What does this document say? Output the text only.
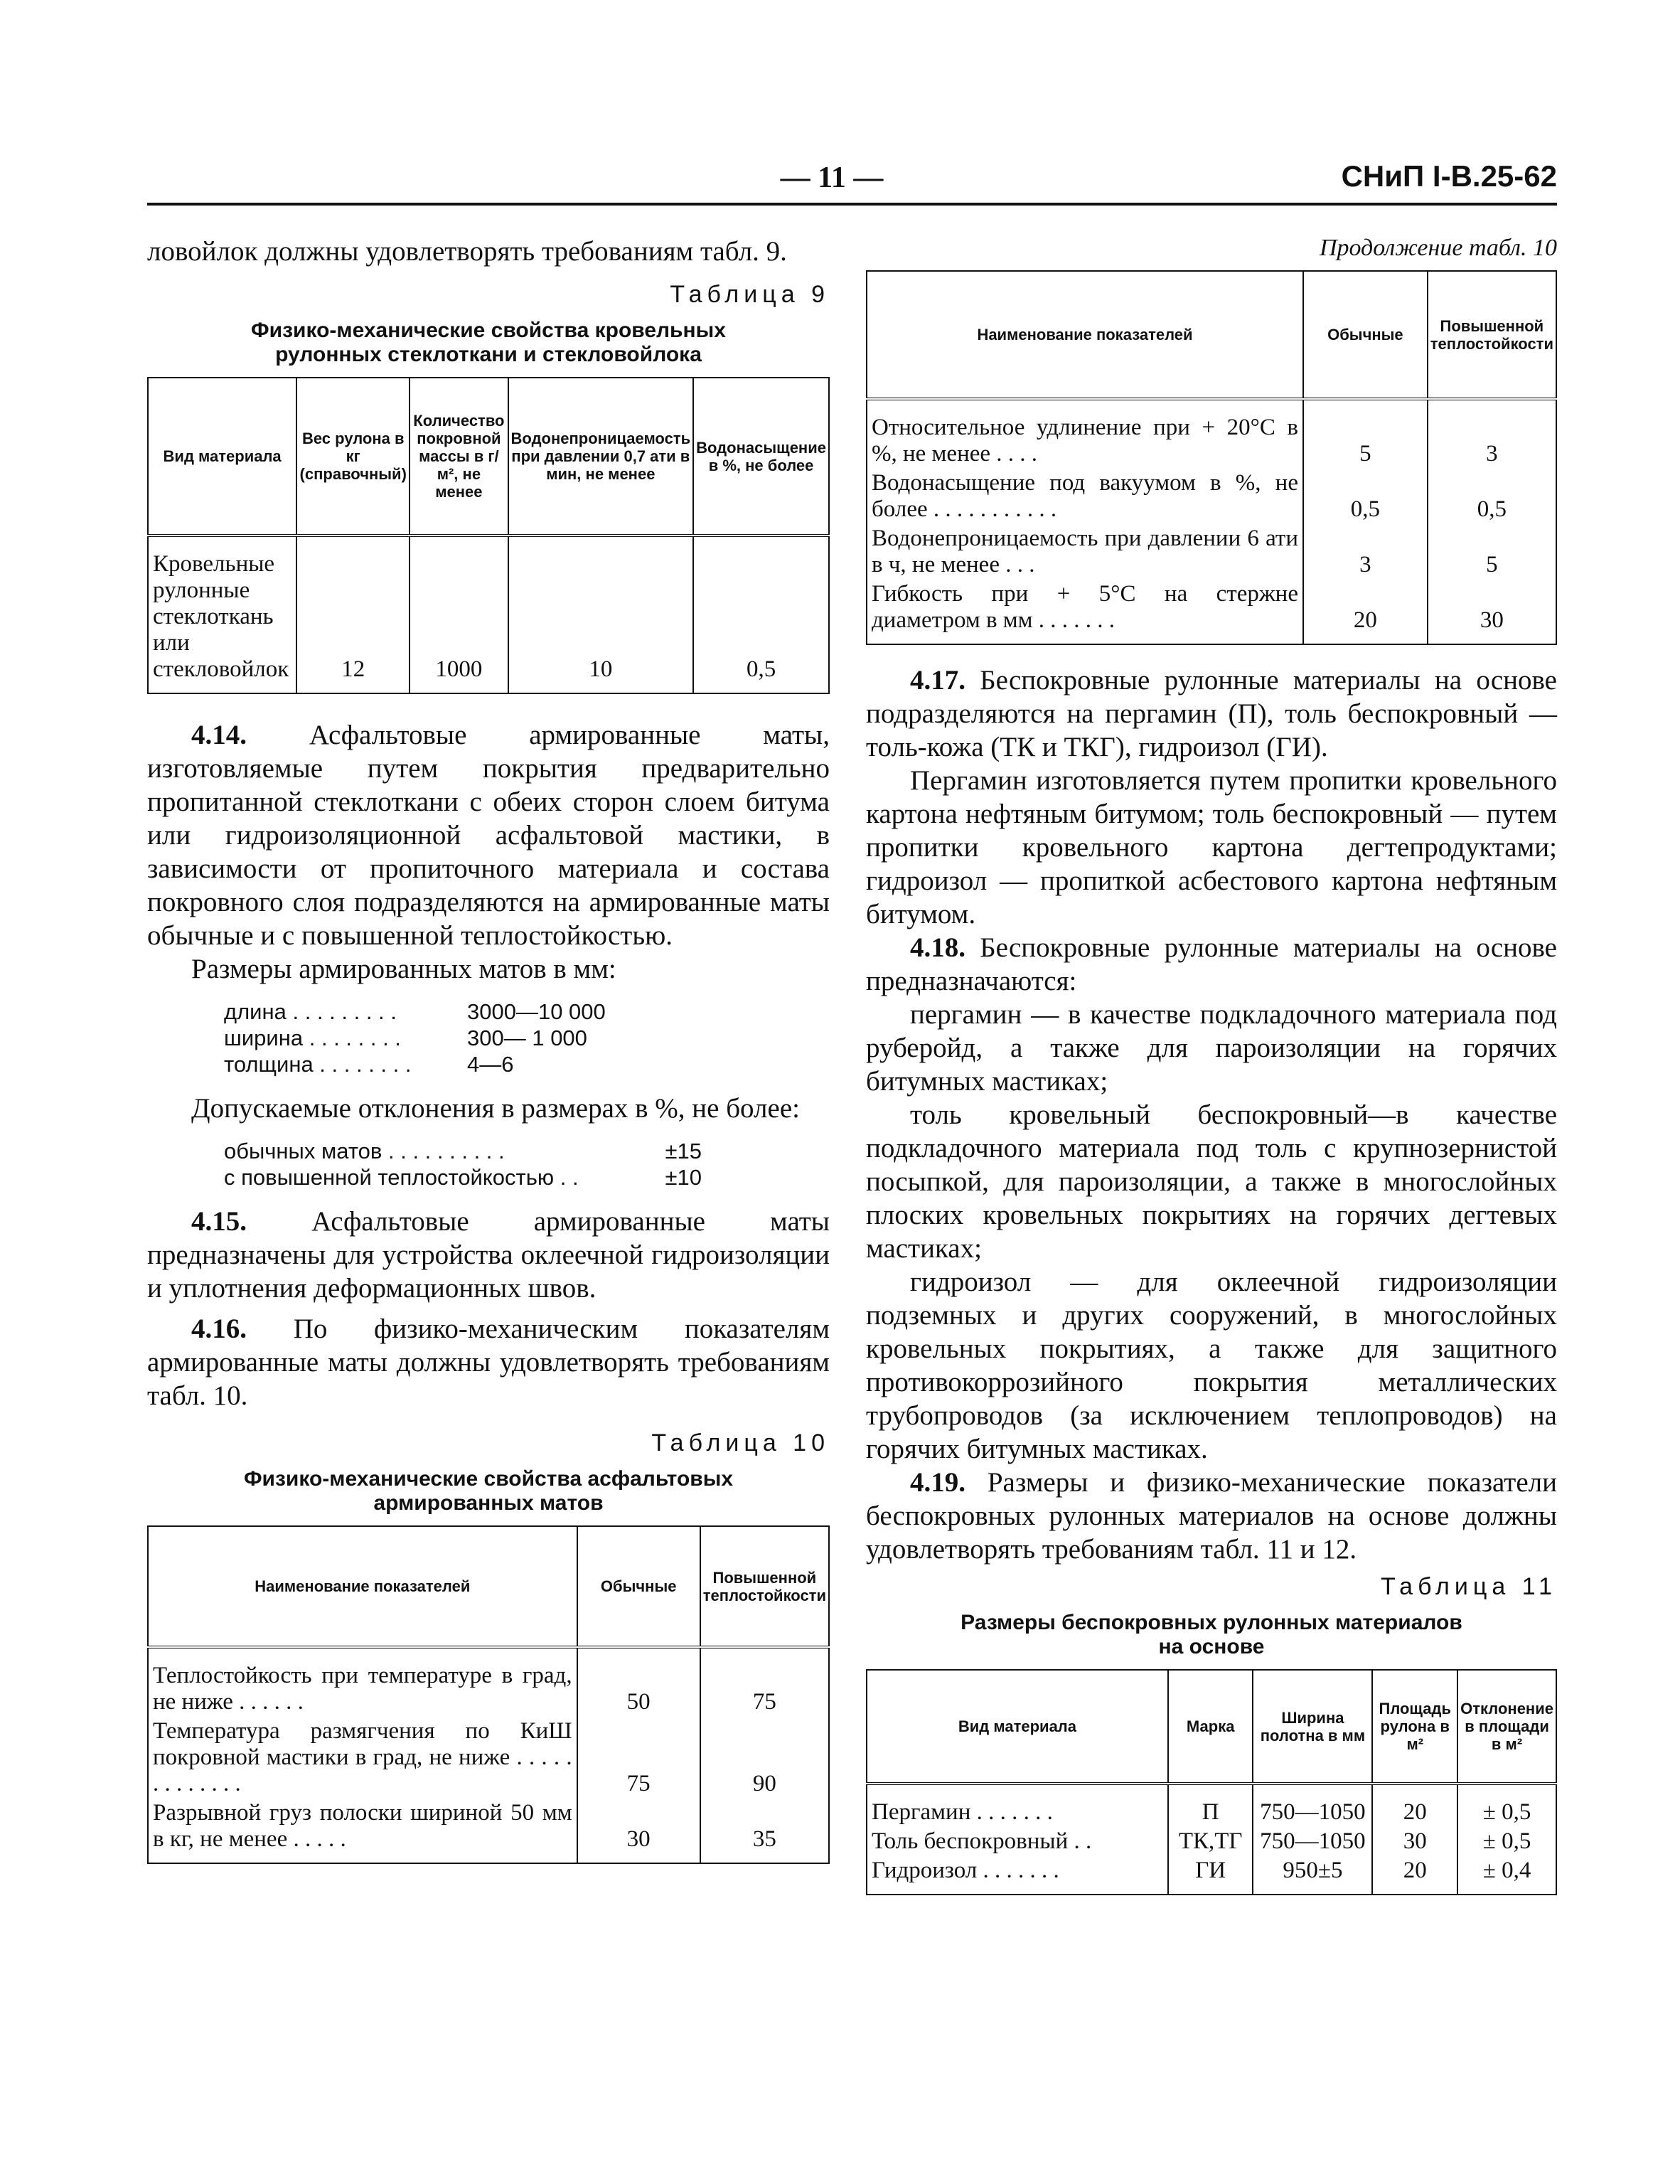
— 11 —	СНиП I-В.25-62

ловойлок должны удовлетворять требованиям табл. 9.

Таблица 9
Физико-механические свойства кровельных
рулонных стеклоткани и стекловойлока
Вид материала	Вес рулона в кг (справочный)	Количество покровной массы в г/м², не менее	Водонепроницаемость при давлении 0,7 ати в мин, не менее	Водонасыщение в %, не более
Кровельные рулонные стеклоткань или стекловойлок	12	1000	10	0,5

4.14. Асфальтовые армированные маты, изготовляемые путем покрытия предварительно пропитанной стеклоткани с обеих сторон слоем битума или гидроизоляционной асфальтовой мастики, в зависимости от пропиточного материала и состава покровного слоя подразделяются на армированные маты обычные и с повышенной теплостойкостью.

Размеры армированных матов в мм:

длина . . . . . . . . .	3000—10 000
ширина . . . . . . . .	300— 1 000
толщина . . . . . . . .	4—6

Допускаемые отклонения в размерах в %, не более:

обычных матов . . . . . . . . . .	±15
с повышенной теплостойкостью . .	±10

4.15. Асфальтовые армированные маты предназначены для устройства оклеечной гидроизоляции и уплотнения деформационных швов.

4.16. По физико-механическим показателям армированные маты должны удовлетворять требованиям табл. 10.

Таблица 10
Физико-механические свойства асфальтовых
армированных матов
Наименование показателей	Обычные	Повышенной теплостойкости
Теплостойкость при температуре в град, не ниже . . . . . .	50	75
Температура размягчения по КиШ покровной мастики в град, не ниже . . . . . . . . . . . . .	75	90
Разрывной груз полоски шириной 50 мм в кг, не менее . . . . .	30	35

Продолжение табл. 10

Наименование показателей	Обычные	Повышенной теплостойкости
Относительное удлинение при + 20°С в %, не менее . . . .	5	3
Водонасыщение под вакуумом в %, не более . . . . . . . . . . .	0,5	0,5
Водонепроницаемость при давлении 6 ати в ч, не менее . . .	3	5
Гибкость при + 5°С на стержне диаметром в мм . . . . . . .	20	30

4.17. Беспокровные рулонные материалы на основе подразделяются на пергамин (П), толь беспокровный —толь-кожа (ТК и ТКГ), гидроизол (ГИ).

Пергамин изготовляется путем пропитки кровельного картона нефтяным битумом; толь беспокровный — путем пропитки кровельного картона дегтепродуктами; гидроизол — пропиткой асбестового картона нефтяным битумом.

4.18. Беспокровные рулонные материалы на основе предназначаются:

пергамин — в качестве подкладочного материала под руберойд, а также для пароизоляции на горячих битумных мастиках;

толь кровельный беспокровный—в качестве подкладочного материала под толь с крупнозернистой посыпкой, для пароизоляции, а также в многослойных плоских кровельных покрытиях на горячих дегтевых мастиках;

гидроизол — для оклеечной гидроизоляции подземных и других сооружений, в многослойных кровельных покрытиях, а также для защитного противокоррозийного покрытия металлических трубопроводов (за исключением теплопроводов) на горячих битумных мастиках.

4.19. Размеры и физико-механические показатели беспокровных рулонных материалов на основе должны удовлетворять требованиям табл. 11 и 12.

Таблица 11
Размеры беспокровных рулонных материалов
на основе
Вид материала	Марка	Ширина полотна в мм	Площадь рулона в м²	Отклонение в площади в м²
Пергамин . . . . . . .	П	750—1050	20	± 0,5
Толь беспокровный . .	ТК,ТГ	750—1050	30	± 0,5
Гидроизол . . . . . . .	ГИ	950±5	20	± 0,4
